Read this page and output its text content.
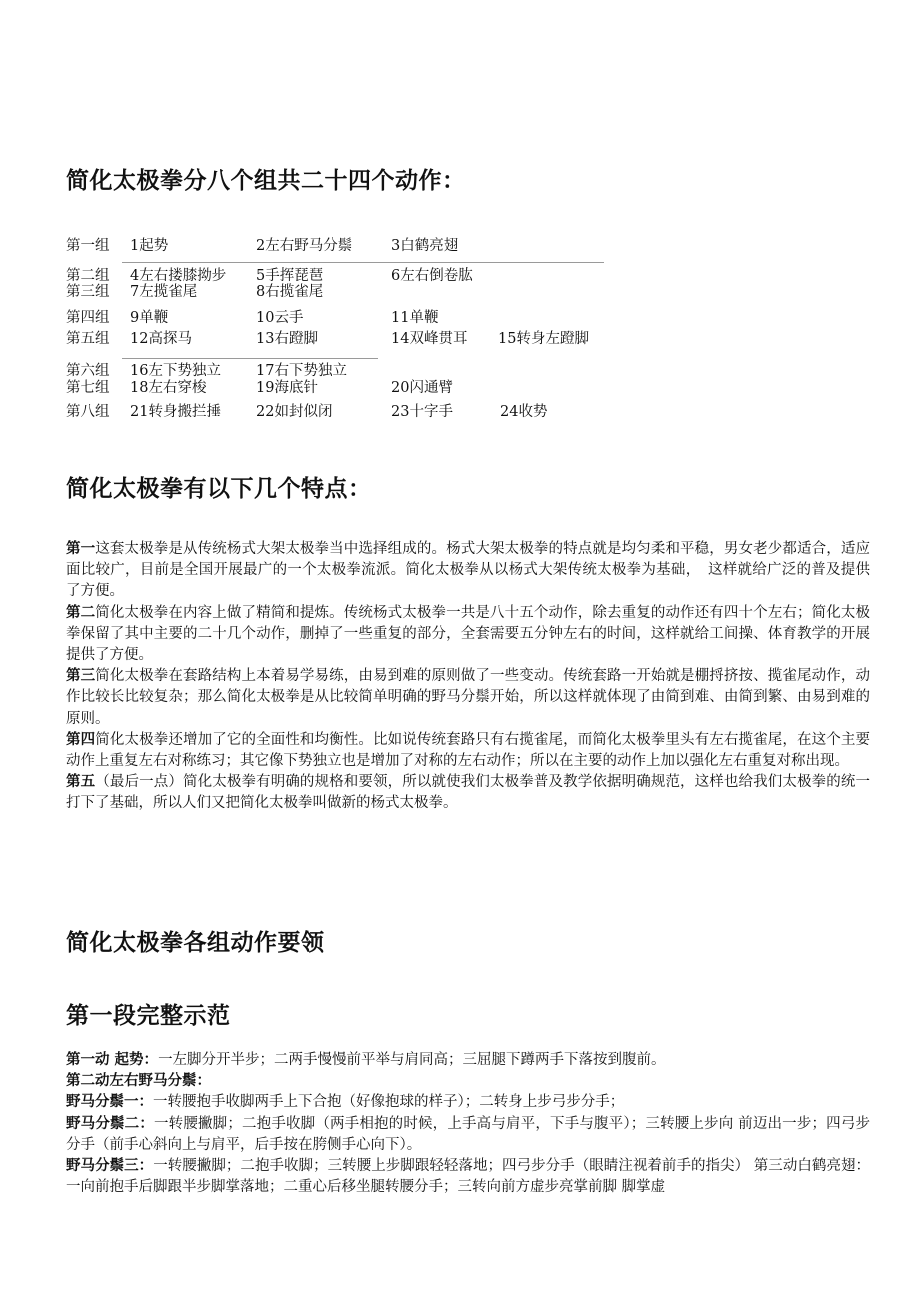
简化太极拳分八个组共二十四个动作：
第一组 1起势	2左右野马分鬃	3白鹤亮翅
第二组 4左右搂膝拗步 5手挥琵琶	6左右倒卷肱
第三组 7左揽雀尾	8右揽雀尾
第四组 9单鞭	10云手	11单鞭
第五组 12高探马	13右蹬脚	14双峰贯耳 15转身左蹬脚
第六组 16左下势独立 17右下势独立
第七组 18左右穿梭	19海底针	20闪通臂
第八组 21转身搬拦捶 22如封似闭	23十字手	24收势
简化太极拳有以下几个特点：
第一这套太极拳是从传统杨式大架太极拳当中选择组成的。杨式大架太极拳的特点就是均匀柔和平稳，男女老少都适合，适应面比较广，目前是全国开展最广的一个太极拳流派。简化太极拳从以杨式大架传统太极拳为基础，　这样就给广泛的普及提供了方便。
第二简化太极拳在内容上做了精简和提炼。传统杨式太极拳一共是八十五个动作，除去重复的动作还有四十个左右；简化太极拳保留了其中主要的二十几个动作，删掉了一些重复的部分，全套需要五分钟左右的时间，这样就给工间操、体育教学的开展提供了方便。
第三简化太极拳在套路结构上本着易学易练，由易到难的原则做了一些变动。传统套路一开始就是棚捋挤按、揽雀尾动作，动作比较长比较复杂；那么简化太极拳是从比较简单明确的野马分鬃开始，所以这样就体现了由简到难、由简到繁、由易到难的原则。
第四简化太极拳还增加了它的全面性和均衡性。比如说传统套路只有右揽雀尾，而简化太极拳里头有左右揽雀尾，在这个主要动作上重复左右对称练习；其它像下势独立也是增加了对称的左右动作；所以在主要的动作上加以强化左右重复对称出现。
第五（最后一点）简化太极拳有明确的规格和要领，所以就使我们太极拳普及教学依据明确规范，这样也给我们太极拳的统一打下了基础，所以人们又把简化太极拳叫做新的杨式太极拳。
简化太极拳各组动作要领
第一段完整示范
第一动 起势：一左脚分开半步；二两手慢慢前平举与肩同高；三屈腿下蹲两手下落按到腹前。
第二动左右野马分鬃：
野马分鬃一：一转腰抱手收脚两手上下合抱（好像抱球的样子）；二转身上步弓步分手；
野马分鬃二：一转腰撇脚；二抱手收脚（两手相抱的时候，上手高与肩平，下手与腹平）；三转腰上步向 前迈出一步；四弓步分手（前手心斜向上与肩平，后手按在胯侧手心向下）。
野马分鬃三：一转腰撇脚；二抱手收脚；三转腰上步脚跟轻轻落地；四弓步分手（眼睛注视着前手的指尖） 第三动白鹤亮翅：一向前抱手后脚跟半步脚掌落地；二重心后移坐腿转腰分手；三转向前方虚步亮掌前脚 脚掌虚
